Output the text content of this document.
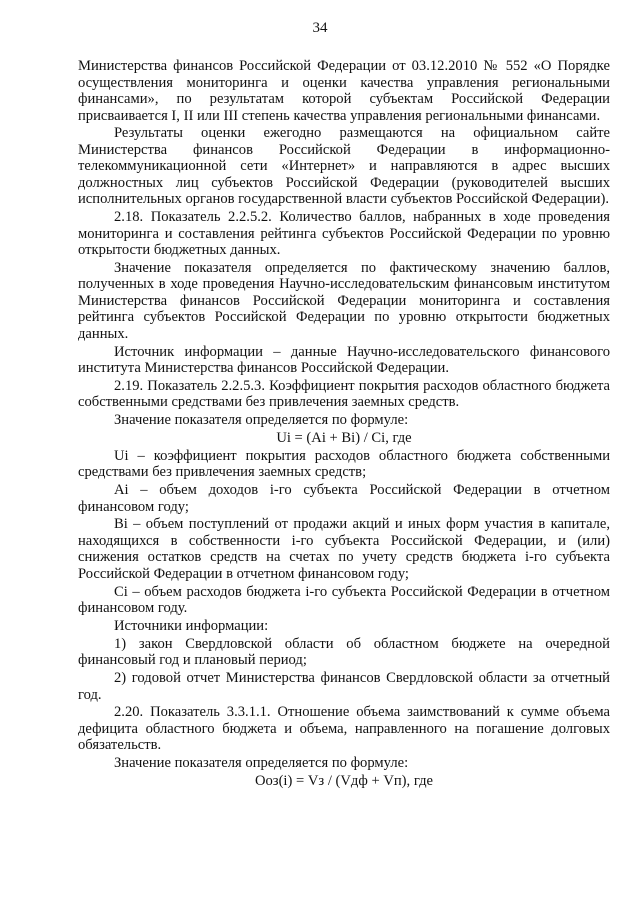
34

Министерства финансов Российской Федерации от 03.12.2010 № 552 «О Порядке осуществления мониторинга и оценки качества управления региональными финансами», по результатам которой субъектам Российской Федерации присваивается I, II или III степень качества управления региональными финансами.

Результаты оценки ежегодно размещаются на официальном сайте Министерства финансов Российской Федерации в информационно-телекоммуникационной сети «Интернет» и направляются в адрес высших должностных лиц субъектов Российской Федерации (руководителей высших исполнительных органов государственной власти субъектов Российской Федерации).

2.18. Показатель 2.2.5.2. Количество баллов, набранных в ходе проведения мониторинга и составления рейтинга субъектов Российской Федерации по уровню открытости бюджетных данных.

Значение показателя определяется по фактическому значению баллов, полученных в ходе проведения Научно-исследовательским финансовым институтом Министерства финансов Российской Федерации мониторинга и составления рейтинга субъектов Российской Федерации по уровню открытости бюджетных данных.

Источник информации – данные Научно-исследовательского финансового института Министерства финансов Российской Федерации.

2.19. Показатель 2.2.5.3. Коэффициент покрытия расходов областного бюджета собственными средствами без привлечения заемных средств.

Значение показателя определяется по формуле:

Ui = (Ai + Bi) / Ci, где

Ui – коэффициент покрытия расходов областного бюджета собственными средствами без привлечения заемных средств;

Ai – объем доходов i-го субъекта Российской Федерации в отчетном финансовом году;

Bi – объем поступлений от продажи акций и иных форм участия в капитале, находящихся в собственности i-го субъекта Российской Федерации, и (или) снижения остатков средств на счетах по учету средств бюджета i-го субъекта Российской Федерации в отчетном финансовом году;

Ci – объем расходов бюджета i-го субъекта Российской Федерации в отчетном финансовом году.

Источники информации:

1) закон Свердловской области об областном бюджете на очередной финансовый год и плановый период;

2) годовой отчет Министерства финансов Свердловской области за отчетный год.

2.20. Показатель 3.3.1.1. Отношение объема заимствований к сумме объема дефицита областного бюджета и объема, направленного на погашение долговых обязательств.

Значение показателя определяется по формуле:

Ооз(i) = Vз / (Vдф + Vп), где
